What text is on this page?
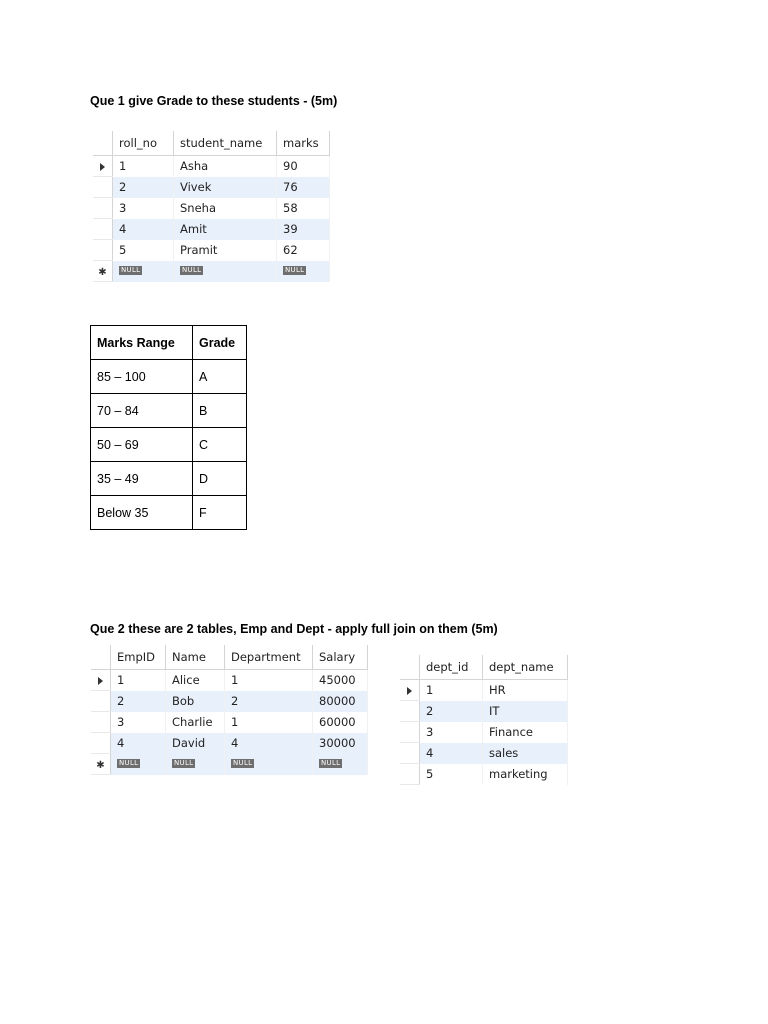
Que 1 give Grade to these students - (5m)
	roll_no	student_name	marks
	1	Asha	90
	2	Vivek	76
	3	Sneha	58
	4	Amit	39
	5	Pramit	62
✱	NULL	NULL	NULL
Marks Range	Grade
85 – 100	A
70 – 84	B
50 – 69	C
35 – 49	D
Below 35	F
Que 2 these are 2 tables, Emp and Dept - apply full join on them (5m)
	EmpID	Name	Department	Salary
	1	Alice	1	45000
	2	Bob	2	80000
	3	Charlie	1	60000
	4	David	4	30000
✱	NULL	NULL	NULL	NULL
	dept_id	dept_name
	1	HR
	2	IT
	3	Finance
	4	sales
	5	marketing
